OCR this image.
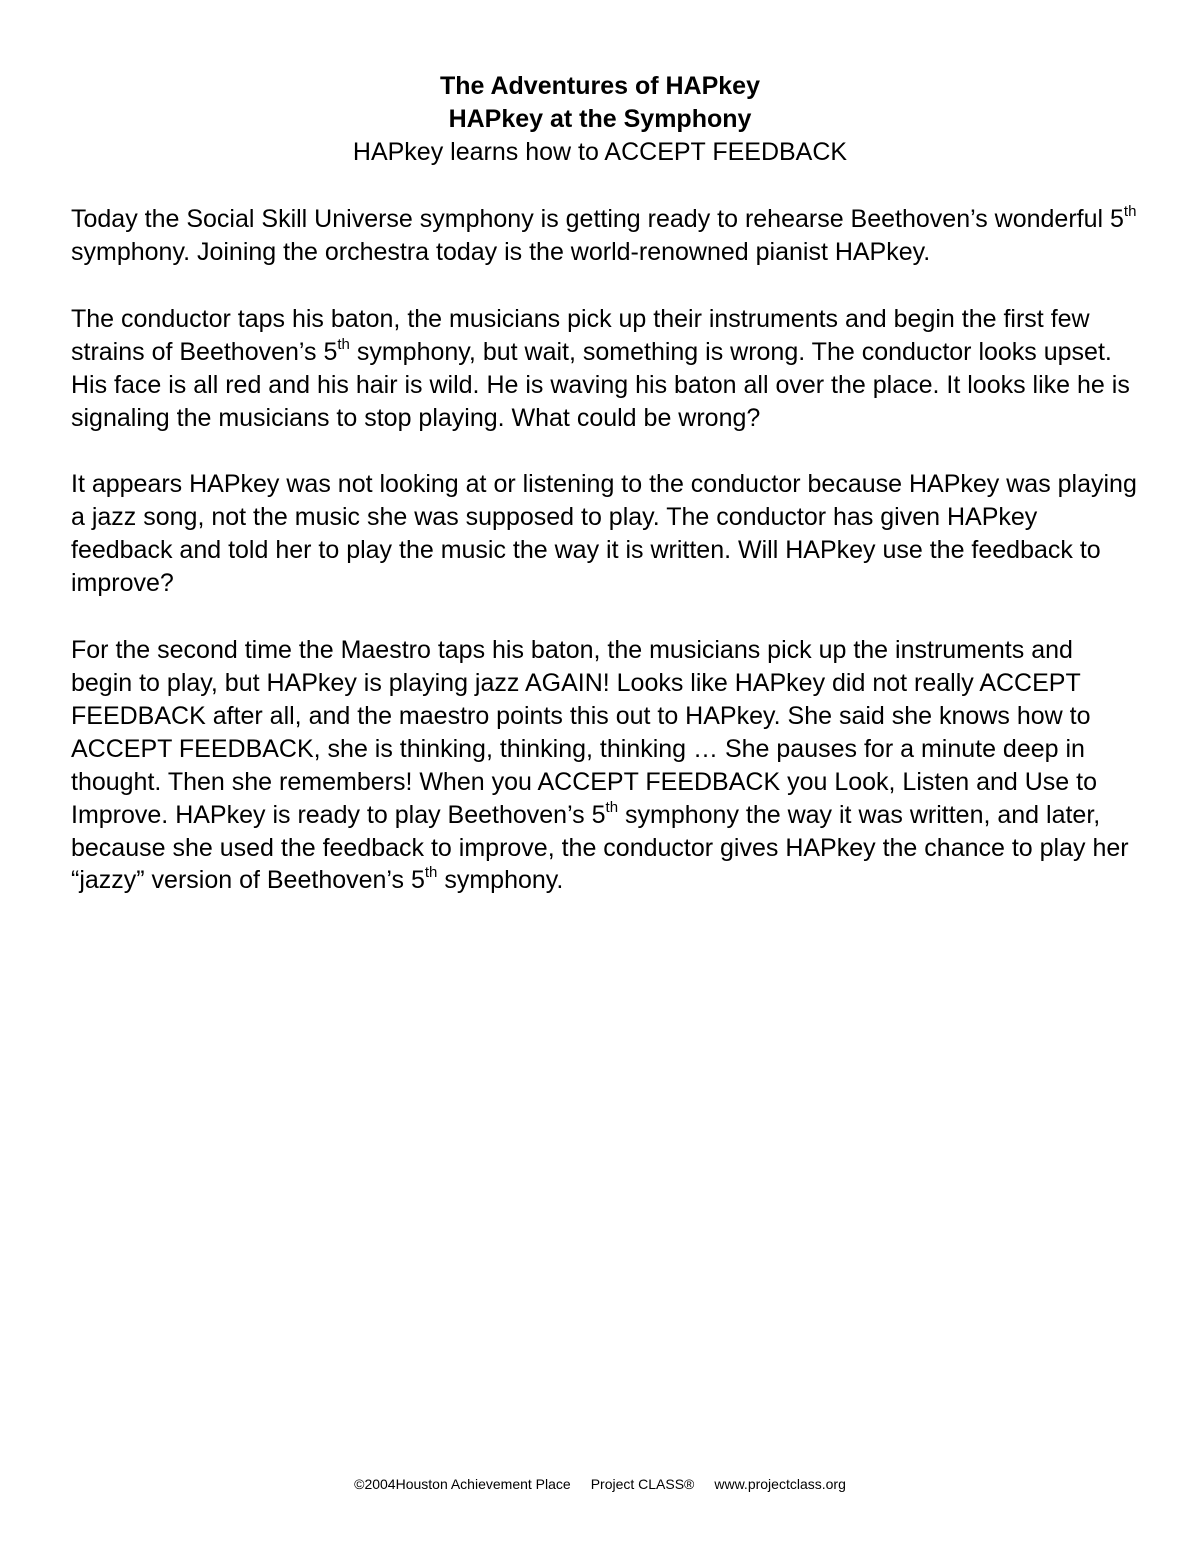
The Adventures of HAPkey

HAPkey at the Symphony

HAPkey learns how to ACCEPT FEEDBACK

Today the Social Skill Universe symphony is getting ready to rehearse Beethoven’s wonderful 5th symphony. Joining the orchestra today is the world-renowned pianist HAPkey.

The conductor taps his baton, the musicians pick up their instruments and begin the first few strains of Beethoven’s 5th symphony, but wait, something is wrong. The conductor looks upset. His face is all red and his hair is wild. He is waving his baton all over the place. It looks like he is signaling the musicians to stop playing. What could be wrong?

It appears HAPkey was not looking at or listening to the conductor because HAPkey was playing a jazz song, not the music she was supposed to play. The conductor has given HAPkey feedback and told her to play the music the way it is written. Will HAPkey use the feedback to improve?

For the second time the Maestro taps his baton, the musicians pick up the instruments and begin to play, but HAPkey is playing jazz AGAIN! Looks like HAPkey did not really ACCEPT FEEDBACK after all, and the maestro points this out to HAPkey. She said she knows how to ACCEPT FEEDBACK, she is thinking, thinking, thinking … She pauses for a minute deep in thought. Then she remembers! When you ACCEPT FEEDBACK you Look, Listen and Use to Improve. HAPkey is ready to play Beethoven’s 5th symphony the way it was written, and later, because she used the feedback to improve, the conductor gives HAPkey the chance to play her “jazzy” version of Beethoven’s 5th symphony.

©2004Houston Achievement Place Project CLASS® www.projectclass.org
